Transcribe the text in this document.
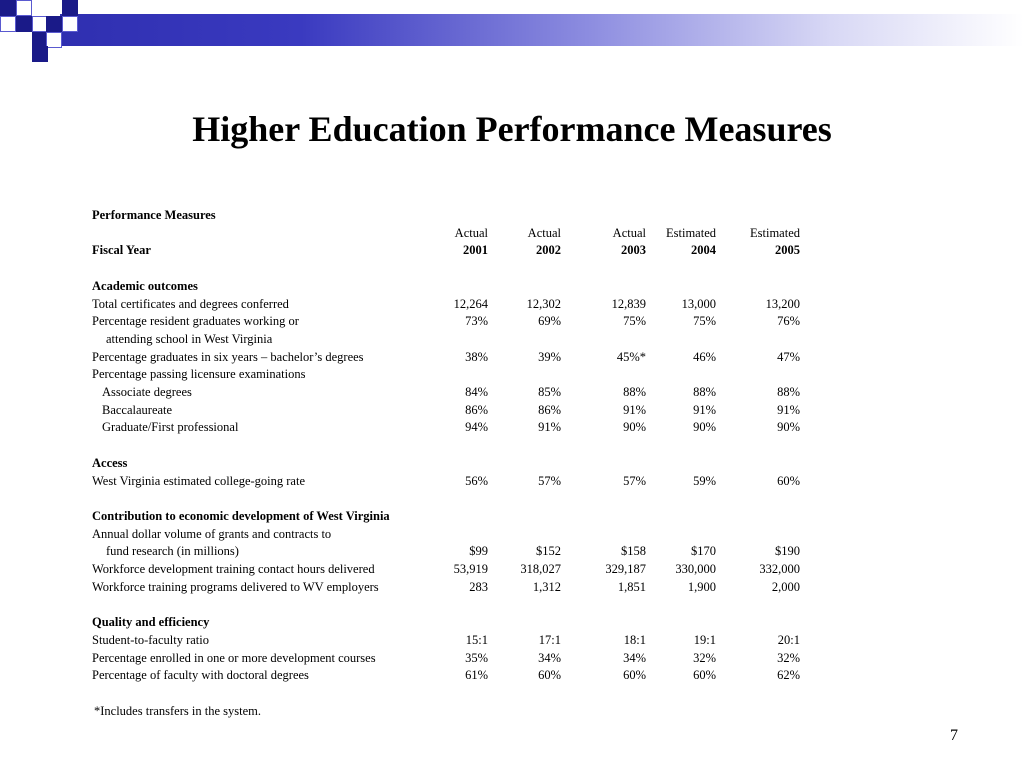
Higher Education Performance Measures
Performance Measures					
	Actual	Actual	Actual	Estimated	Estimated
Fiscal Year	2001	2002	2003	2004	2005

Academic outcomes					
Total certificates and degrees conferred	12,264	12,302	12,839	13,000	13,200
Percentage resident graduates working or	73%	69%	75%	75%	76%
attending school in West Virginia					
Percentage graduates in six years – bachelor’s degrees	38%	39%	45%*	46%	47%
Percentage passing licensure examinations					
Associate degrees	84%	85%	88%	88%	88%
Baccalaureate	86%	86%	91%	91%	91%
Graduate/First professional	94%	91%	90%	90%	90%

Access					
West Virginia estimated college-going rate	56%	57%	57%	59%	60%

Contribution to economic development of West Virginia					
Annual dollar volume of grants and contracts to					
fund research (in millions)	$99	$152	$158	$170	$190
Workforce development training contact hours delivered	53,919	318,027	329,187	330,000	332,000
Workforce training programs delivered to WV employers	283	1,312	1,851	1,900	2,000

Quality and efficiency					
Student-to-faculty ratio	15:1	17:1	18:1	19:1	20:1
Percentage enrolled in one or more development courses	35%	34%	34%	32%	32%
Percentage of faculty with doctoral degrees	61%	60%	60%	60%	62%

*Includes transfers in the system.
7
